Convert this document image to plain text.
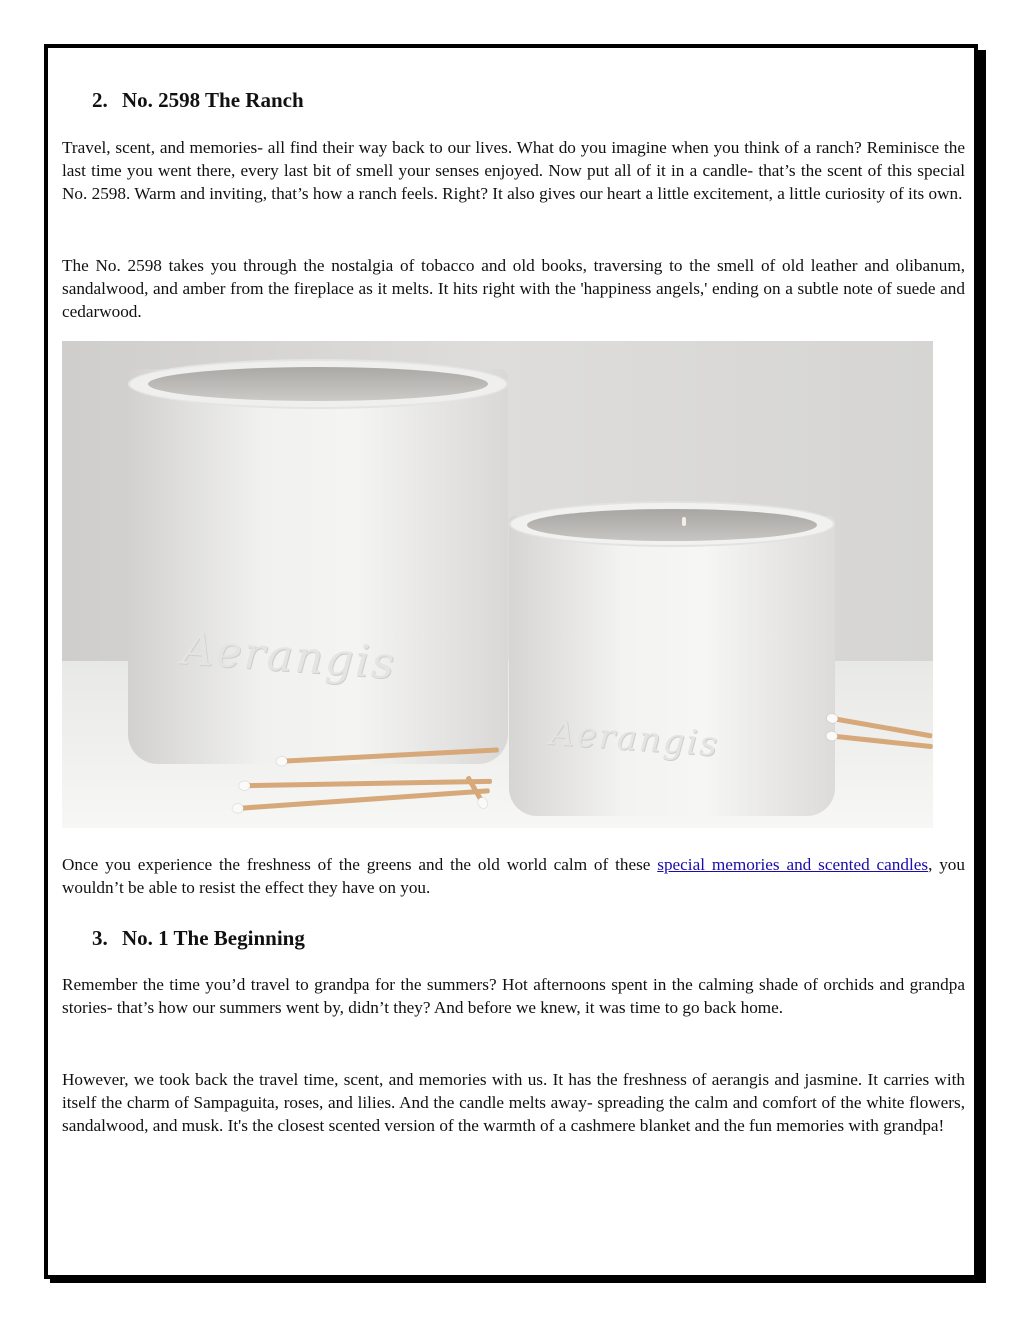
2. No. 2598 The Ranch

Travel, scent, and memories- all find their way back to our lives. What do you imagine when you think of a ranch? Reminisce the last time you went there, every last bit of smell your senses enjoyed. Now put all of it in a candle- that’s the scent of this special No. 2598. Warm and inviting, that’s how a ranch feels. Right? It also gives our heart a little excitement, a little curiosity of its own.

The No. 2598 takes you through the nostalgia of tobacco and old books, traversing to the smell of old leather and olibanum, sandalwood, and amber from the fireplace as it melts. It hits right with the 'happiness angels,' ending on a subtle note of suede and cedarwood.

Aerangis
Aerangis

Once you experience the freshness of the greens and the old world calm of these special memories and scented candles, you wouldn’t be able to resist the effect they have on you.

3. No. 1 The Beginning

Remember the time you’d travel to grandpa for the summers? Hot afternoons spent in the calming shade of orchids and grandpa stories- that’s how our summers went by, didn’t they? And before we knew, it was time to go back home.

However, we took back the travel time, scent, and memories with us. It has the freshness of aerangis and jasmine. It carries with itself the charm of Sampaguita, roses, and lilies. And the candle melts away- spreading the calm and comfort of the white flowers, sandalwood, and musk. It's the closest scented version of the warmth of a cashmere blanket and the fun memories with grandpa!
